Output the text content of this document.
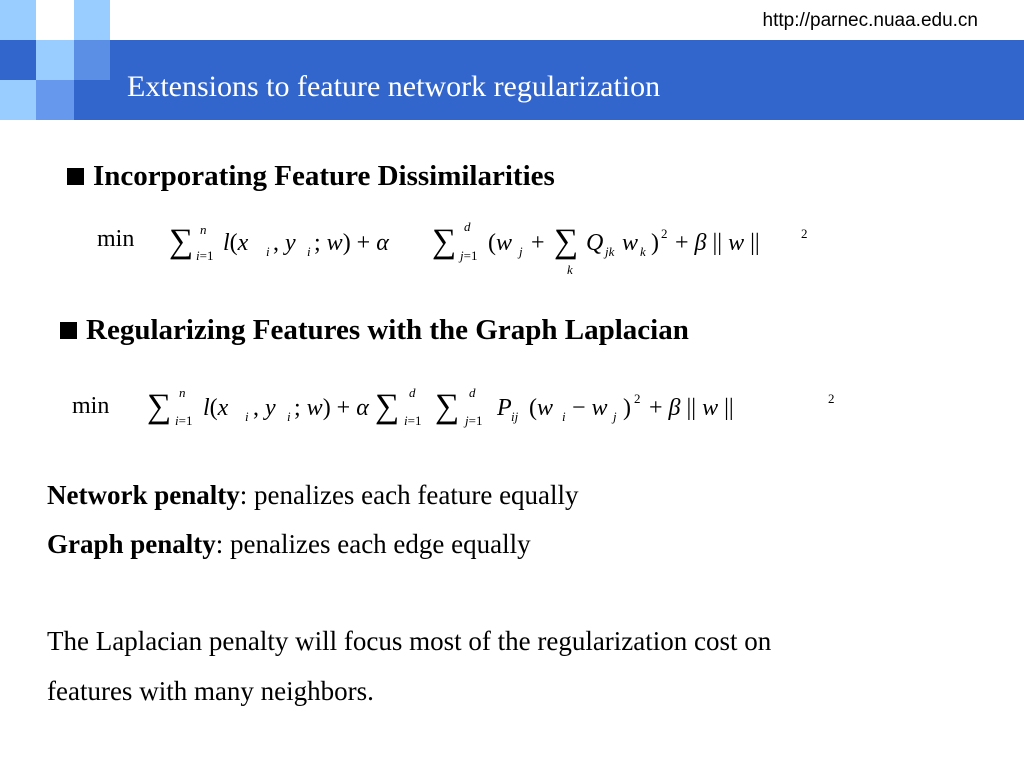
http://parnec.nuaa.edu.cn
Extensions to feature network regularization
Incorporating Feature Dissimilarities
min ∑ n
i=1 l(x i , y i ; w) + α ∑ d
j=1 (w j + ∑
k
Q jk w k ) 2 + β || w ||	2
Regularizing Features with the Graph Laplacian
min ∑ n
i=1 l(x i , y i ; w) + α ∑ d
i=1 ∑ d
j=1 P ij (w i − w j ) 2 + β || w ||	2
Network penalty: penalizes each feature equally
Graph penalty: penalizes each edge equally
The Laplacian penalty will focus most of the regularization cost on
features with many neighbors.
